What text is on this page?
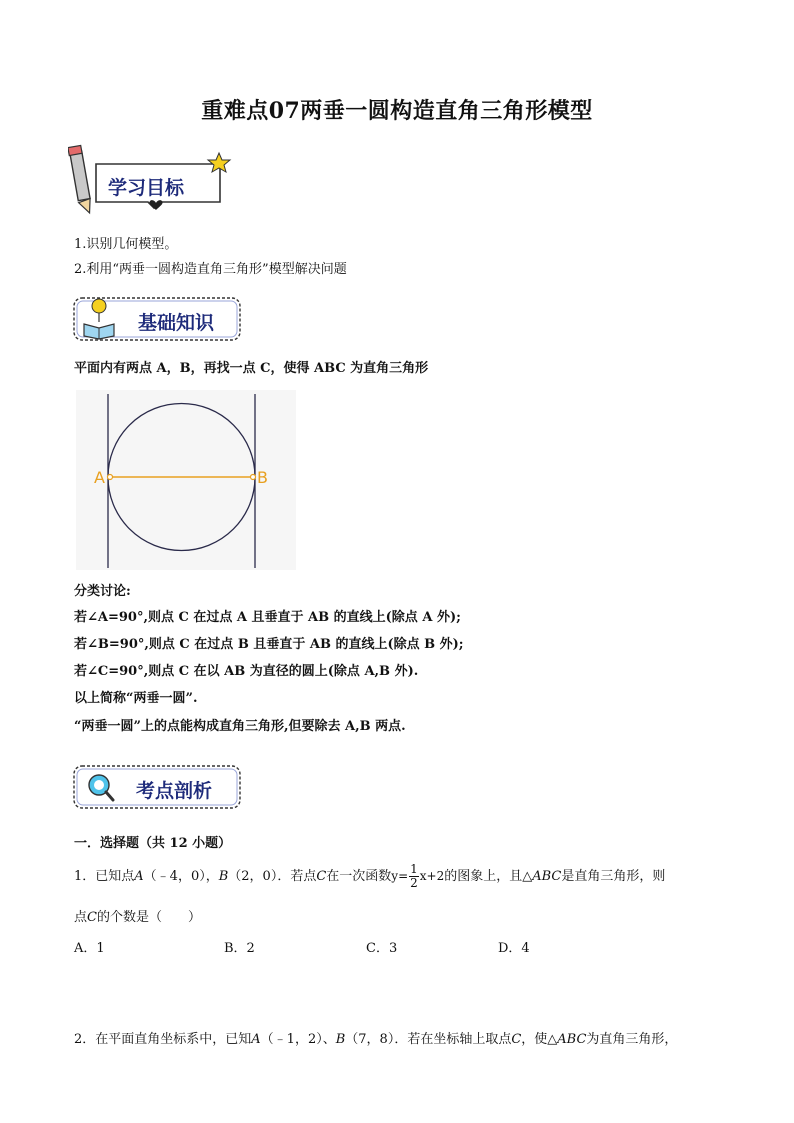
重难点07两垂一圆构造直角三角形模型
学习目标
1.识别几何模型。
2.利用“两垂一圆构造直角三角形”模型解决问题
基础知识
平面内有两点 A，B，再找一点 C，使得 ABC 为直角三角形
A	B
分类讨论:
若∠A=90°,则点 C 在过点 A 且垂直于 AB 的直线上(除点 A 外);
若∠B=90°,则点 C 在过点 B 且垂直于 AB 的直线上(除点 B 外);
若∠C=90°,则点 C 在以 AB 为直径的圆上(除点 A,B 外).
以上简称“两垂一圆”.
“两垂一圆”上的点能构成直角三角形,但要除去 A,B 两点.
考点剖析
一．选择题（共 12 小题）
1．已知点A（﹣4，0），B（2，0）．若点C在一次函数$y= \frac{1}{2} x+2$的图象上，且△ABC是直角三角形，则
点C的个数是（　　）
A．1	B．2	C．3	D．4
2．在平面直角坐标系中，已知A（﹣1，2）、B（7，8）．若在坐标轴上取点C，使△ABC为直角三角形，
